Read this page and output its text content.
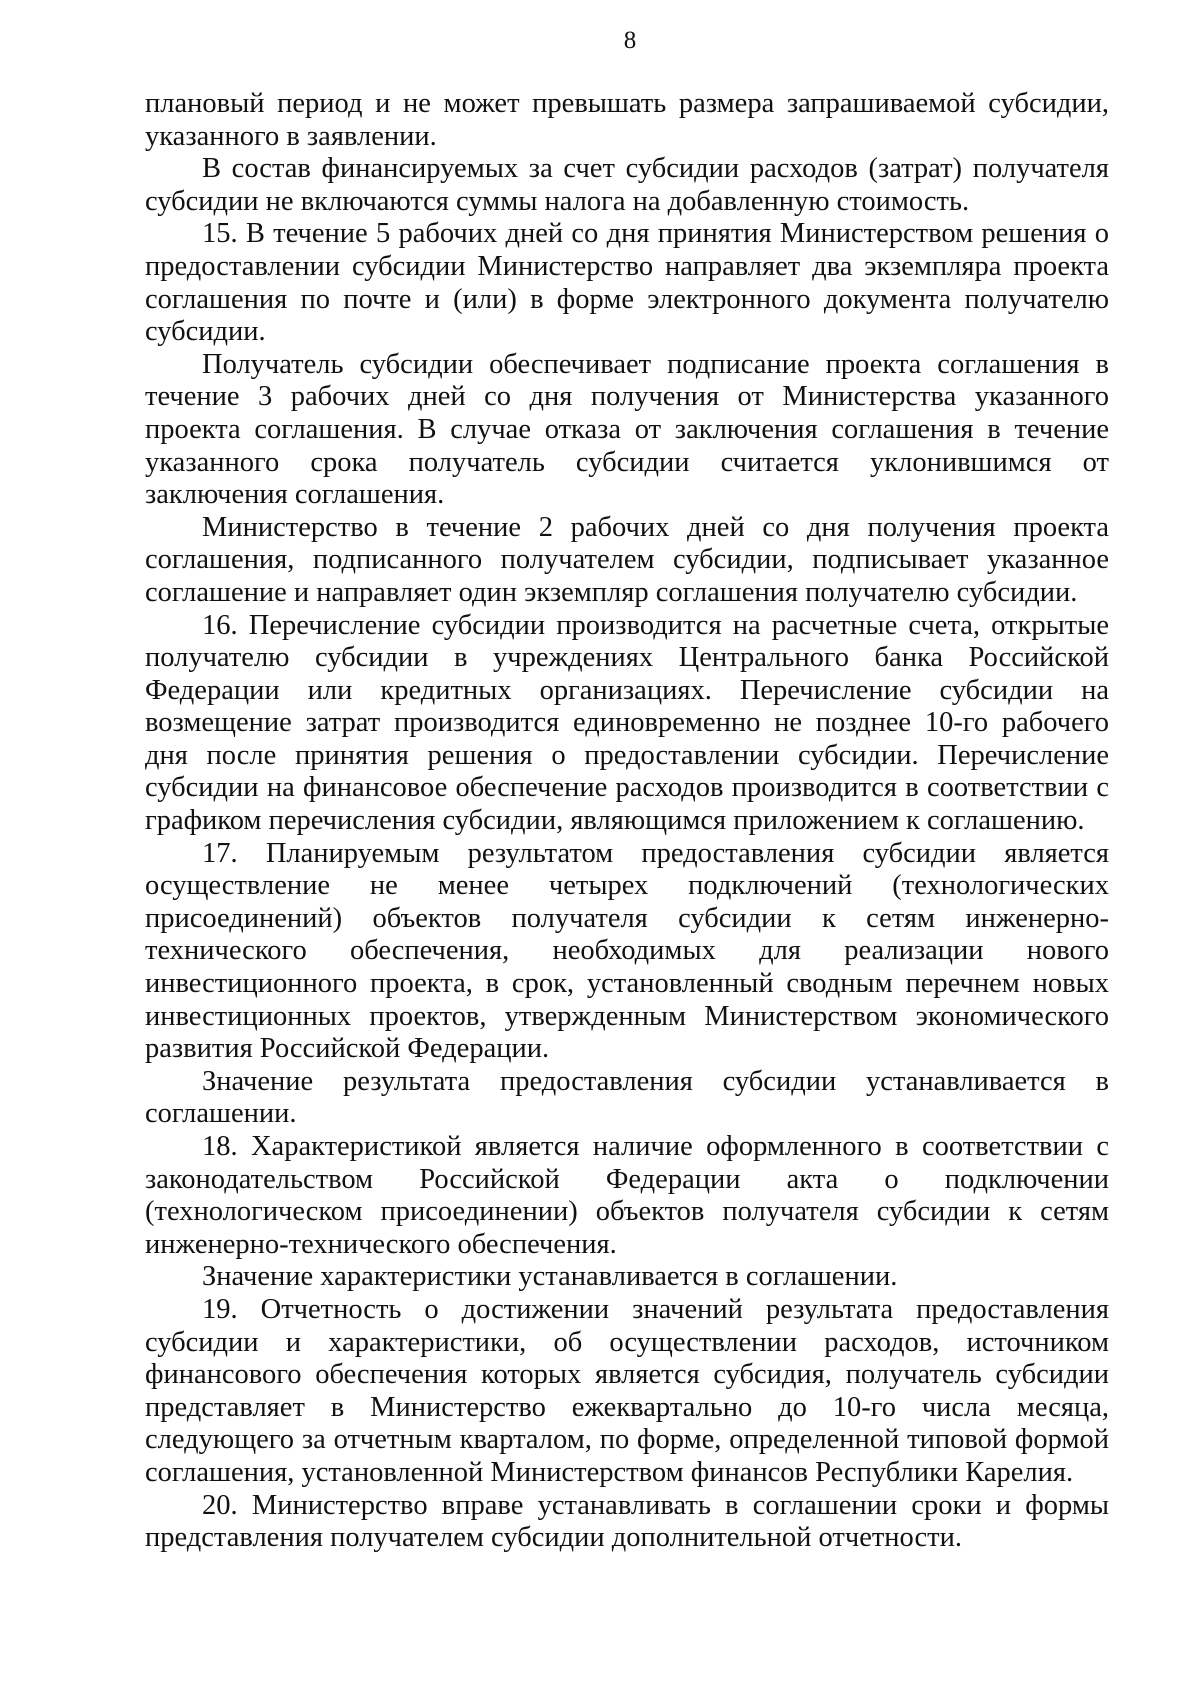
8

плановый период и не может превышать размера запрашиваемой субсидии, указанного в заявлении.

В состав финансируемых за счет субсидии расходов (затрат) получателя субсидии не включаются суммы налога на добавленную стоимость.

15. В течение 5 рабочих дней со дня принятия Министерством решения о предоставлении субсидии Министерство направляет два экземпляра проекта соглашения по почте и (или) в форме электронного документа получателю субсидии.

Получатель субсидии обеспечивает подписание проекта соглашения в течение 3 рабочих дней со дня получения от Министерства указанного проекта соглашения. В случае отказа от заключения соглашения в течение указанного срока получатель субсидии считается уклонившимся от заключения соглашения.

Министерство в течение 2 рабочих дней со дня получения проекта соглашения, подписанного получателем субсидии, подписывает указанное соглашение и направляет один экземпляр соглашения получателю субсидии.

16. Перечисление субсидии производится на расчетные счета, открытые получателю субсидии в учреждениях Центрального банка Российской Федерации или кредитных организациях. Перечисление субсидии на возмещение затрат производится единовременно не позднее 10-го рабочего дня после принятия решения о предоставлении субсидии. Перечисление субсидии на финансовое обеспечение расходов производится в соответствии с графиком перечисления субсидии, являющимся приложением к соглашению.

17. Планируемым результатом предоставления субсидии является осуществление не менее четырех подключений (технологических присоединений) объектов получателя субсидии к сетям инженерно-технического обеспечения, необходимых для реализации нового инвестиционного проекта, в срок, установленный сводным перечнем новых инвестиционных проектов, утвержденным Министерством экономического развития Российской Федерации.

Значение результата предоставления субсидии устанавливается в соглашении.

18. Характеристикой является наличие оформленного в соответствии с законодательством Российской Федерации акта о подключении (технологическом присоединении) объектов получателя субсидии к сетям инженерно-технического обеспечения.

Значение характеристики устанавливается в соглашении.

19. Отчетность о достижении значений результата предоставления субсидии и характеристики, об осуществлении расходов, источником финансового обеспечения которых является субсидия, получатель субсидии представляет в Министерство ежеквартально до 10-го числа месяца, следующего за отчетным кварталом, по форме, определенной типовой формой соглашения, установленной Министерством финансов Республики Карелия.

20. Министерство вправе устанавливать в соглашении сроки и формы представления получателем субсидии дополнительной отчетности.
